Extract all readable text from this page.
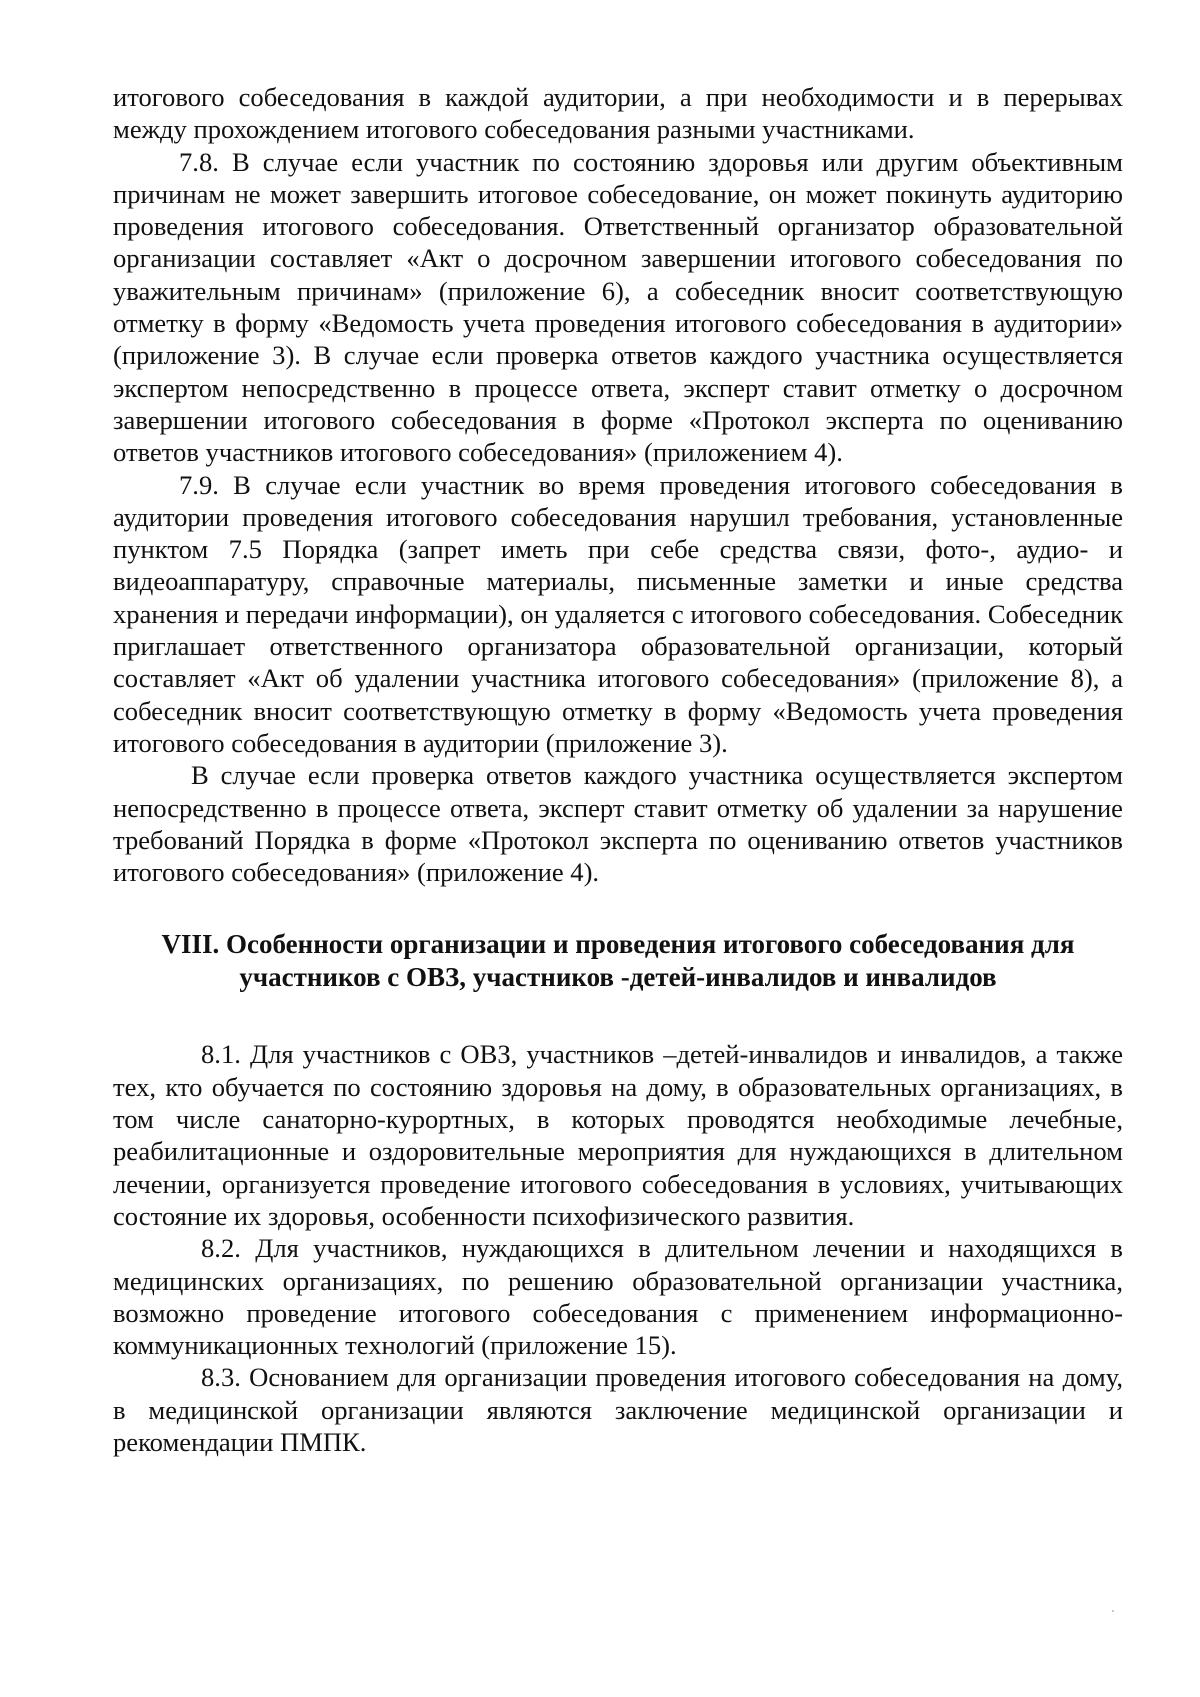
итогового собеседования в каждой аудитории, а при необходимости и в перерывах между прохождением итогового собеседования разными участниками.

7.8. В случае если участник по состоянию здоровья или другим объективным причинам не может завершить итоговое собеседование, он может покинуть аудиторию проведения итогового собеседования. Ответственный организатор образовательной организации составляет «Акт о досрочном завершении итогового собеседования по уважительным причинам» (приложение 6), а собеседник вносит соответствующую отметку в форму «Ведомость учета проведения итогового собеседования в аудитории» (приложение 3). В случае если проверка ответов каждого участника осуществляется экспертом непосредственно в процессе ответа, эксперт ставит отметку о досрочном завершении итогового собеседования в форме «Протокол эксперта по оцениванию ответов участников итогового собеседования» (приложением 4).

7.9. В случае если участник во время проведения итогового собеседования в аудитории проведения итогового собеседования нарушил требования, установленные пунктом 7.5 Порядка (запрет иметь при себе средства связи, фото-, аудио- и видеоаппаратуру, справочные материалы, письменные заметки и иные средства хранения и передачи информации), он удаляется с итогового собеседования. Собеседник приглашает ответственного организатора образовательной организации, который составляет «Акт об удалении участника итогового собеседования» (приложение 8), а собеседник вносит соответствующую отметку в форму «Ведомость учета проведения итогового собеседования в аудитории (приложение 3).

В случае если проверка ответов каждого участника осуществляется экспертом непосредственно в процессе ответа, эксперт ставит отметку об удалении за нарушение требований Порядка в форме «Протокол эксперта по оцениванию ответов участников итогового собеседования» (приложение 4).

VIII. Особенности организации и проведения итогового собеседования для участников с ОВЗ, участников -детей-инвалидов и инвалидов

8.1. Для участников с ОВЗ, участников –детей-инвалидов и инвалидов, а также тех, кто обучается по состоянию здоровья на дому, в образовательных организациях, в том числе санаторно-курортных, в которых проводятся необходимые лечебные, реабилитационные и оздоровительные мероприятия для нуждающихся в длительном лечении, организуется проведение итогового собеседования в условиях, учитывающих состояние их здоровья, особенности психофизического развития.

8.2. Для участников, нуждающихся в длительном лечении и находящихся в медицинских организациях, по решению образовательной организации участника, возможно проведение итогового собеседования с применением информационно-коммуникационных технологий (приложение 15).

8.3. Основанием для организации проведения итогового собеседования на дому, в медицинской организации являются заключение медицинской организации и рекомендации ПМПК.
